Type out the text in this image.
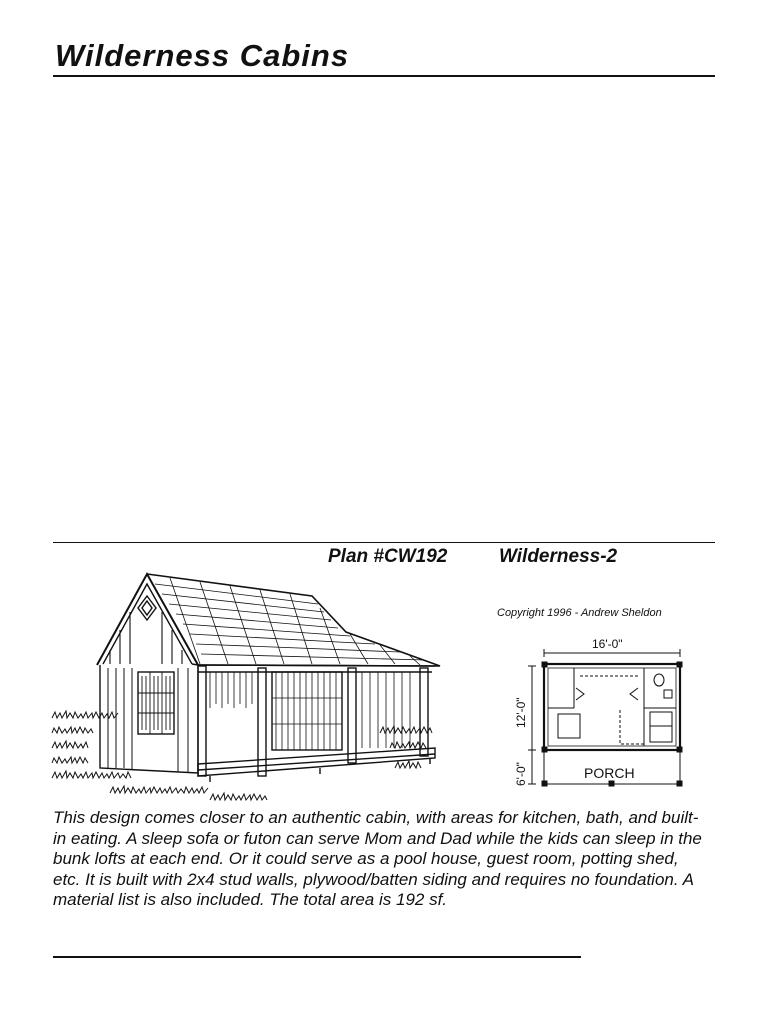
Wilderness Cabins
Plan #CW192	Wilderness-2
Copyright 1996 - Andrew Sheldon
16'-0"
12'-0"
6'-0"	PORCH
This design comes closer to an authentic cabin, with areas for kitchen, bath, and built-in eating. A sleep sofa or futon can serve Mom and Dad while the kids can sleep in the bunk lofts at each end. Or it could serve as a pool house, guest room, potting shed, etc. It is built with 2x4 stud walls, plywood/batten siding and requires no foundation. A material list is also included. The total area is 192 sf.
